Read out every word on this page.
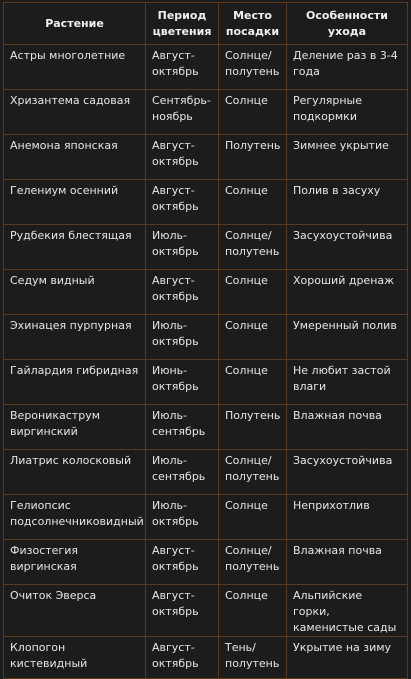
Растение	Период цветения	Место посадки	Особенности ухода

Астры многолетние	Август-октябрь	Солнце/полутень	Деление раз в 3-4 года

Хризантема садовая	Сентябрь-ноябрь	Солнце	Регулярные подкормки

Анемона японская	Август-октябрь	Полутень	Зимнее укрытие

Гелениум осенний	Август-октябрь	Солнце	Полив в засуху

Рудбекия блестящая	Июль-октябрь	Солнце/полутень	Засухоустойчива

Седум видный	Август-октябрь	Солнце	Хороший дренаж

Эхинацея пурпурная	Июль-октябрь	Солнце	Умеренный полив

Гайлардия гибридная	Июнь-октябрь	Солнце	Не любит застой влаги

Вероникаструм виргинский	Июль-сентябрь	Полутень	Влажная почва

Лиатрис колосковый	Июль-сентябрь	Солнце/полутень	Засухоустойчива

Гелиопсис подсолнечниковидный	Июль-октябрь	Солнце	Неприхотлив

Физостегия виргинская	Август-октябрь	Солнце/полутень	Влажная почва

Очиток Эверса	Август-октябрь	Солнце	Альпийские горки, каменистые сады

Клопогон кистевидный	Август-октябрь	Тень/полутень	Укрытие на зиму
